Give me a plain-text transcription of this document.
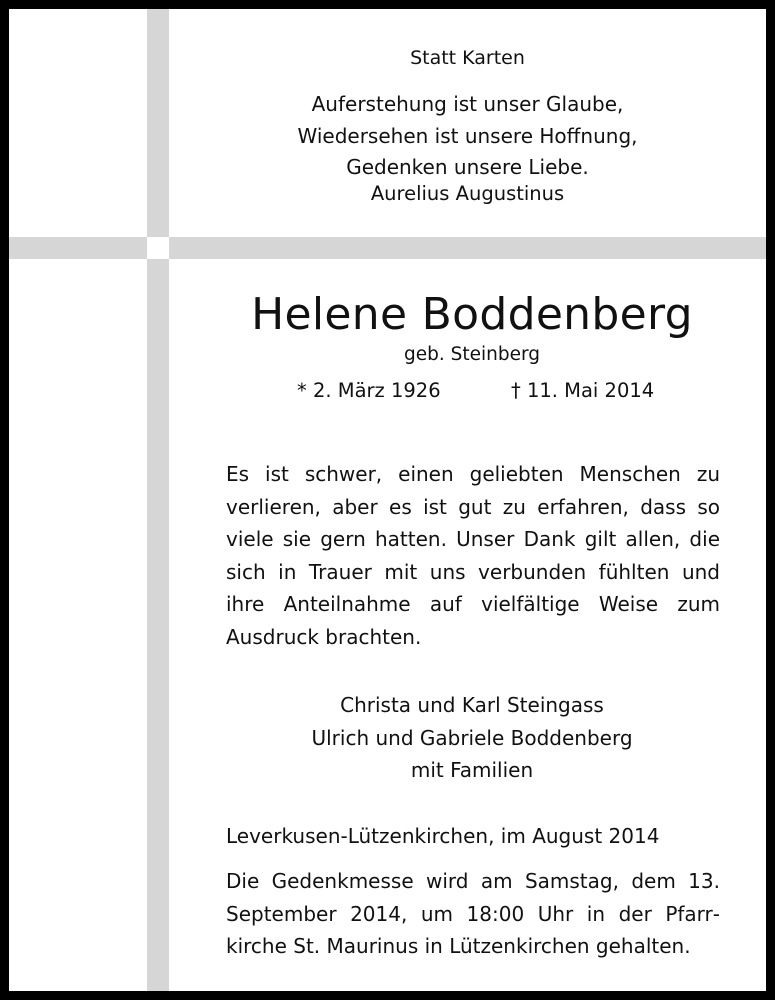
Statt Karten
Auferstehung ist unser Glaube,
Wiedersehen ist unsere Hoffnung,
Gedenken unsere Liebe.
Aurelius Augustinus
Helene Boddenberg
geb. Steinberg
* 2. März 1926	† 11. Mai 2014
Es ist schwer, einen geliebten Menschen zu verlieren, aber es ist gut zu erfahren, dass so viele sie gern hatten. Unser Dank gilt allen, die sich in Trauer mit uns verbunden fühlten und ihre Anteilnahme auf vielfältige Weise zum Ausdruck brachten.
Christa und Karl Steingass
Ulrich und Gabriele Boddenberg
mit Familien
Leverkusen-Lützenkirchen, im August 2014
Die Gedenkmesse wird am Samstag, dem 13. September 2014, um 18:00 Uhr in der Pfarrkirche St. Maurinus in Lützenkirchen gehalten.
